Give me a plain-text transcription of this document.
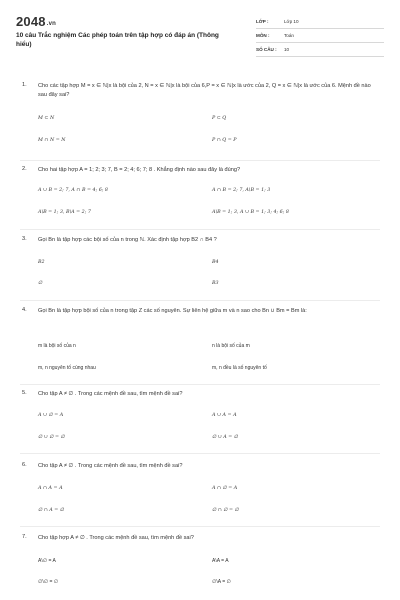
2048.vn
10 câu Trắc nghiệm Các phép toán trên tập hợp có đáp án (Thông hiểu)
LỚP :	Lớp 10
MÔN :	Toán
SỐ CÂU : 10
1. Cho các tập hợp M = x ∈ ℕ|x là bội của 2, N = x ∈ ℕ|x là bội của 6,P = x ∈ ℕ|x là ước của 2, Q = x ∈ ℕ|x là ước của 6. Mệnh đề nào sau đây sai?
M ⊂ N	P ⊂ Q
M ∩ N = N	P ∩ Q = P
2. Cho hai tập hợp A = 1; 2; 3; 7, B = 2; 4; 6; 7; 8 . Khẳng định nào sau đây là đúng?
A ∪ B = 2; 7, A ∩ B = 4; 6; 8	A ∩ B = 2; 7, A\B = 1; 3
A\B = 1; 3, B\A = 2; 7	A\B = 1; 3, A ∪ B = 1; 3; 4; 6; 8
3. Gọi Bn là tập hợp các bội số của n trong ℕ. Xác định tập hợp B2 ∩ B4 ?
B2	B4
∅	B3
4. Gọi Bn là tập hợp bội số của n trong tập Z các số nguyên. Sự liên hệ giữa m và n sao cho Bn ∪ Bm = Bm là:
m là bội số của n	n là bội số của m
m, n nguyên tố cùng nhau	m, n đều là số nguyên tố
5. Cho tập A ≠ ∅ . Trong các mệnh đề sau, tìm mệnh đề sai?
A ∪ ∅ = A	A ∪ A = A
∅ ∪ ∅ = ∅	∅ ∪ A = ∅
6. Cho tập A ≠ ∅ . Trong các mệnh đề sau, tìm mệnh đề sai?
A ∩ A = A	A ∩ ∅ = A
∅ ∩ A = ∅	∅ ∩ ∅ = ∅
7. Cho tập hợp A ≠ ∅ . Trong các mệnh đề sau, tìm mệnh đề sai?
A\∅ = A	A\A = A
∅\∅ = ∅	∅\A = ∅
